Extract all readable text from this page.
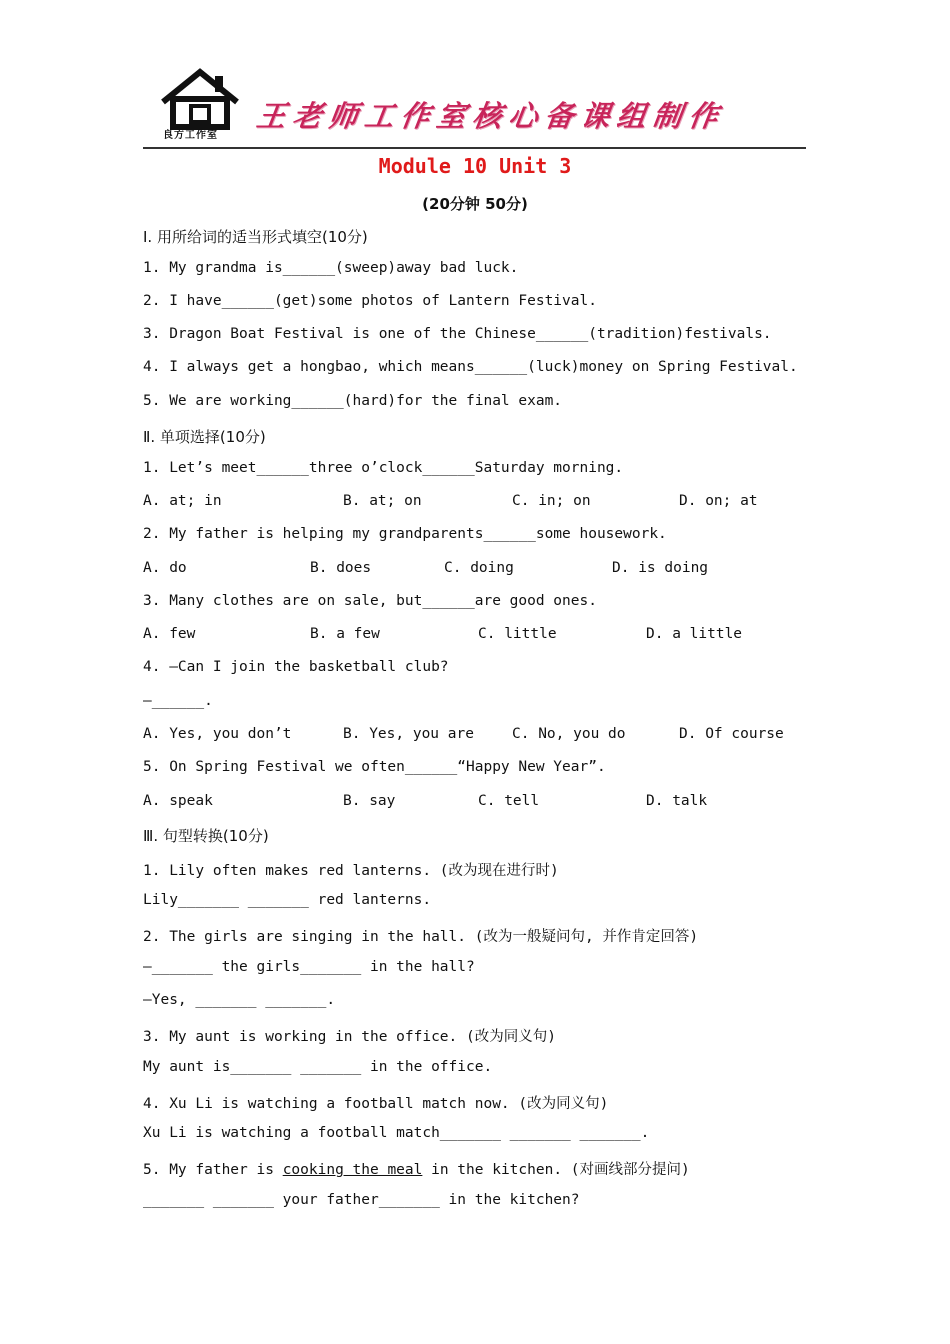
良方工作室
王老师工作室核心备课组制作
Module 10 Unit 3
(20分钟 50分)
Ⅰ. 用所给词的适当形式填空(10分)
1. My grandma is______(sweep)away bad luck.
2. I have______(get)some photos of Lantern Festival.
3. Dragon Boat Festival is one of the Chinese______(tradition)festivals.
4. I always get a hongbao, which means______(luck)money on Spring Festival.
5. We are working______(hard)for the final exam.
Ⅱ. 单项选择(10分)
1. Let’s meet______three o’clock______Saturday morning.
A. at; in	B. at; on	C. in; on	D. on; at
2. My father is helping my grandparents______some housework.
A. do	B. does	C. doing	D. is doing
3. Many clothes are on sale, but______are good ones.
A. few	B. a few	C. little	D. a little
4. —Can I join the basketball club?
—______.
A. Yes, you don’t	B. Yes, you are	C. No, you do	D. Of course
5. On Spring Festival we often______“Happy New Year”.
A. speak	B. say	C. tell	D. talk
Ⅲ. 句型转换(10分)
1. Lily often makes red lanterns. (改为现在进行时)
Lily_______ _______ red lanterns.
2. The girls are singing in the hall. (改为一般疑问句, 并作肯定回答)
—_______ the girls_______ in the hall?
—Yes, _______ _______.
3. My aunt is working in the office. (改为同义句)
My aunt is_______ _______ in the office.
4. Xu Li is watching a football match now. (改为同义句)
Xu Li is watching a football match_______ _______ _______.
5. My father is cooking the meal in the kitchen. (对画线部分提问)
_______ _______ your father_______ in the kitchen?
